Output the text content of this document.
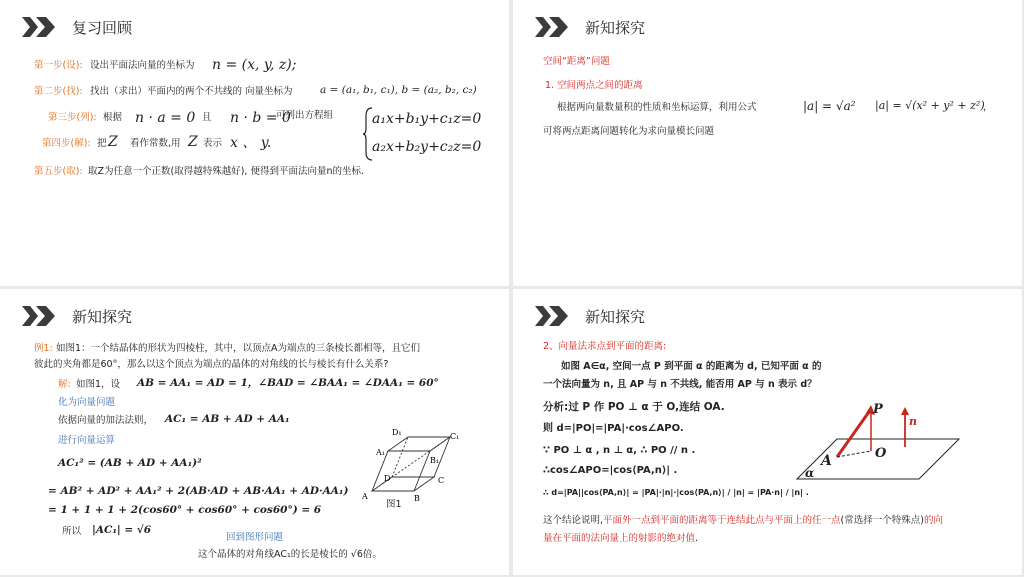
复习回顾
第一步(设): 设出平面法向量的坐标为 n = (x, y, z);
第二步(找): 找出（求出）平面内的两个不共线的 向量坐标为	a = (a₁, b₁, c₁), b = (a₂, b₂, c₂)
第三步(列): 根据 n · a = 0 且 n · b = 0
可列出方程组	a₁x+b₁y+c₁z=0
a₂x+b₂y+c₂z=0
第四步(解): 把 Z 看作常数,用 Z 表示 x 、 y.
第五步(取): 取Z为任意一个正数(取得越特殊越好), 便得到平面法向量n的坐标.
新知探究
空间“距离”问题
1. 空间两点之间的距离
根据两向量数量积的性质和坐标运算，利用公式	|a| = √a² |a| = √(x² + y² + z²)
，
可将两点距离问题转化为求向量模长问题
新知探究
例1: 如图1：一个结晶体的形状为四棱柱，其中，以顶点A为端点的三条棱长都相等，且它们
彼此的夹角都是60°，那么以这个顶点为端点的晶体的对角线的长与棱长有什么关系?
解: 如图1，设 AB = AA₁ = AD = 1，∠BAD = ∠BAA₁ = ∠DAA₁ = 60°
化为向量问题
依据向量的加法法则， AC₁ = AB + AD + AA₁
进行向量运算
AC₁² = (AB + AD + AA₁)²
= AB² + AD² + AA₁² + 2(AB·AD + AB·AA₁ + AD·AA₁)
= 1 + 1 + 1 + 2(cos60° + cos60° + cos60°) = 6
所以 |AC₁| = √6
回到图形问题
这个晶体的对角线AC₁的长是棱长的 √6倍。
A	B
C
D
A₁
B₁
C₁
D₁
图1
新知探究
2、向量法求点到平面的距离:
如图 A∈α, 空间一点 P 到平面 α 的距离为 d, 已知平面 α 的
一个法向量为 n, 且 AP 与 n 不共线, 能否用 AP 与 n 表示 d？
分析:过 P 作 PO ⊥ α 于 O,连结 OA.
则 d=|PO|=|PA|·cos∠APO.
∵ PO ⊥ α , n ⊥ α, ∴ PO // n .
∴cos∠APO=|cos⟨PA,n⟩| .
∴ d=|PA||cos⟨PA,n⟩| = |PA|·|n|·|cos⟨PA,n⟩| / |n| = |PA·n| / |n| .
这个结论说明,平面外一点到平面的距离等于连结此点与平面上的任一点(常选择一个特殊点)的向
量在平面的法向量上的射影的绝对值.
P
n
A	O
α
